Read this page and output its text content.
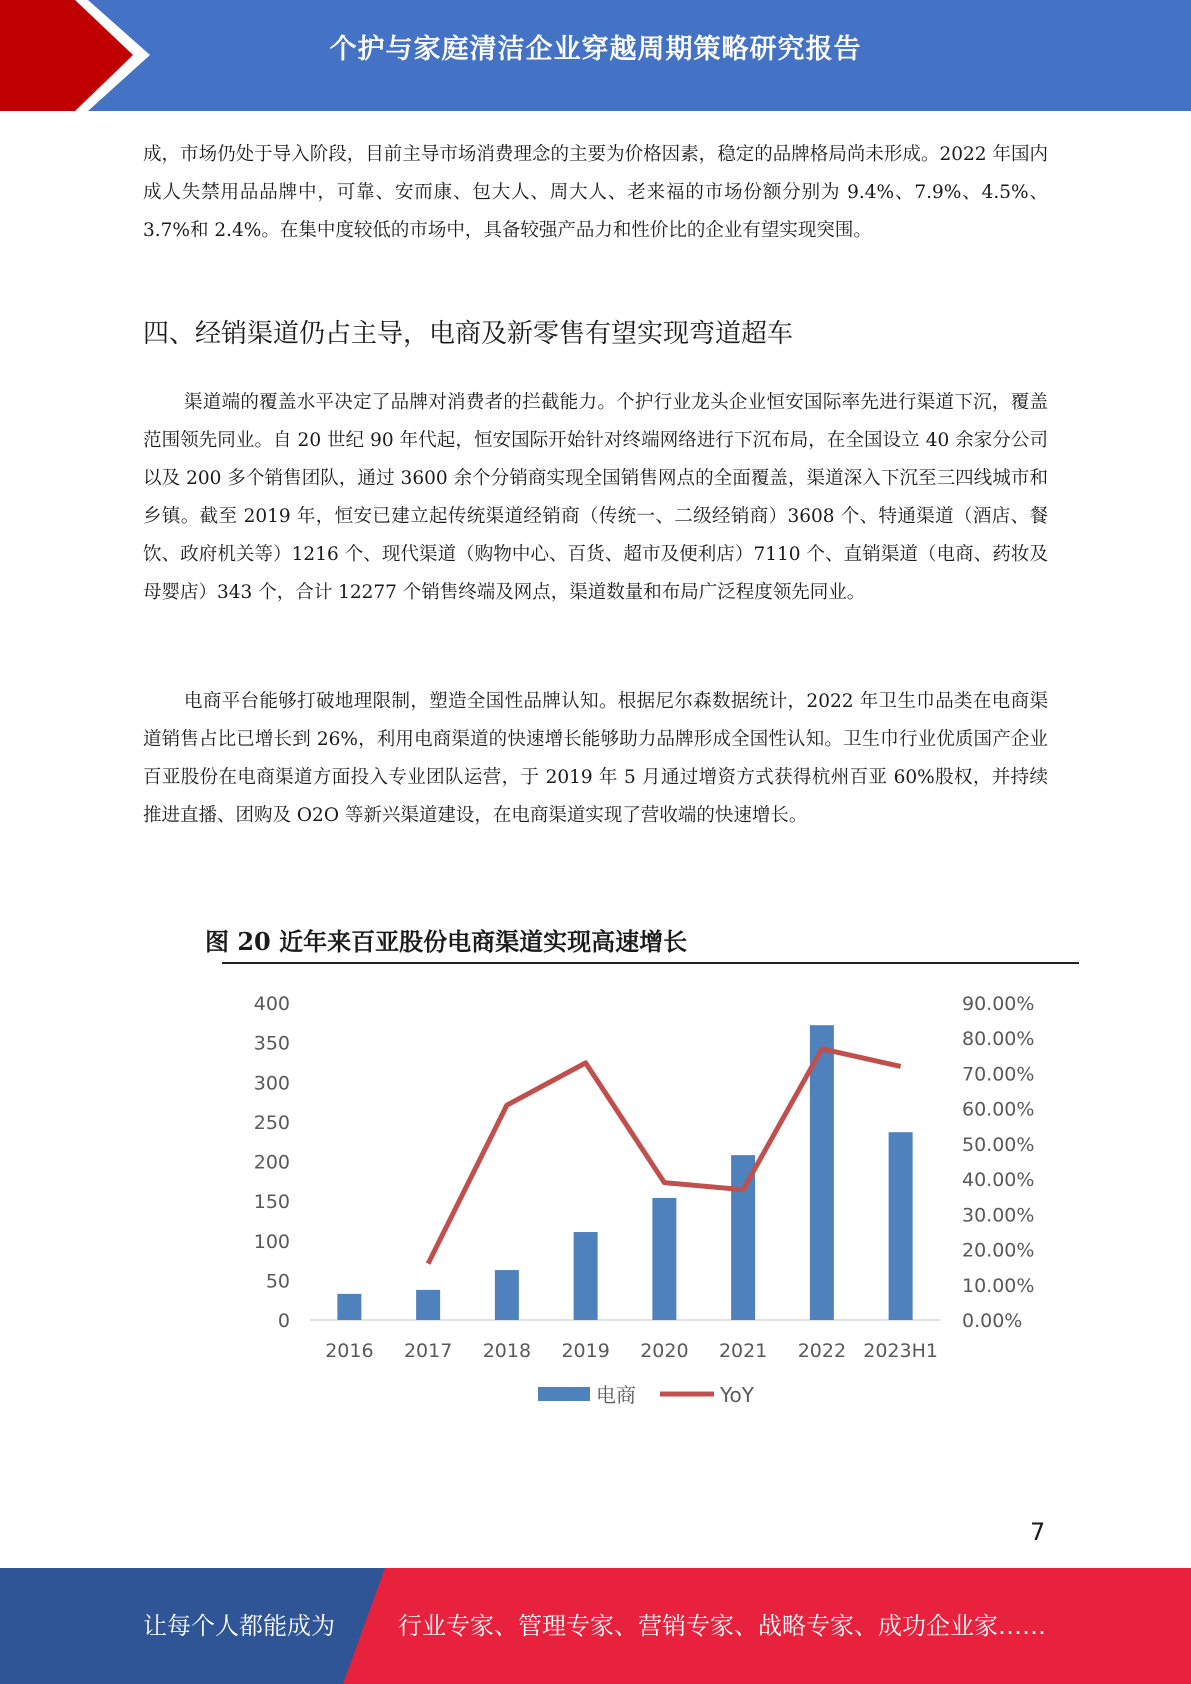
个护与家庭清洁企业穿越周期策略研究报告

成，市场仍处于导入阶段，目前主导市场消费理念的主要为价格因素，稳定的品牌格局尚未形成。2022 年国内成人失禁用品品牌中，可靠、安而康、包大人、周大人、老来福的市场份额分别为 9.4%、7.9%、4.5%、3.7%和 2.4%。在集中度较低的市场中，具备较强产品力和性价比的企业有望实现突围。

四、经销渠道仍占主导，电商及新零售有望实现弯道超车

渠道端的覆盖水平决定了品牌对消费者的拦截能力。个护行业龙头企业恒安国际率先进行渠道下沉，覆盖范围领先同业。自 20 世纪 90 年代起，恒安国际开始针对终端网络进行下沉布局，在全国设立 40 余家分公司以及 200 多个销售团队，通过 3600 余个分销商实现全国销售网点的全面覆盖，渠道深入下沉至三四线城市和乡镇。截至 2019 年，恒安已建立起传统渠道经销商（传统一、二级经销商）3608 个、特通渠道（酒店、餐饮、政府机关等）1216 个、现代渠道（购物中心、百货、超市及便利店）7110 个、直销渠道（电商、药妆及母婴店）343 个，合计 12277 个销售终端及网点，渠道数量和布局广泛程度领先同业。

电商平台能够打破地理限制，塑造全国性品牌认知。根据尼尔森数据统计，2022 年卫生巾品类在电商渠道销售占比已增长到 26%，利用电商渠道的快速增长能够助力品牌形成全国性认知。卫生巾行业优质国产企业百亚股份在电商渠道方面投入专业团队运营，于 2019 年 5 月通过增资方式获得杭州百亚 60%股权，并持续推进直播、团购及 O2O 等新兴渠道建设，在电商渠道实现了营收端的快速增长。

图 20 近年来百亚股份电商渠道实现高速增长
0
50
100
150
200
250
300
350
400
0.00%
10.00%
20.00%
30.00%
40.00%
50.00%
60.00%
70.00%
80.00%
90.00%
2016 2017 2018 2019 2020 2021 2022 2023H1
电商	YoY
7
让每个人都能成为	行业专家、管理专家、营销专家、战略专家、成功企业家……
